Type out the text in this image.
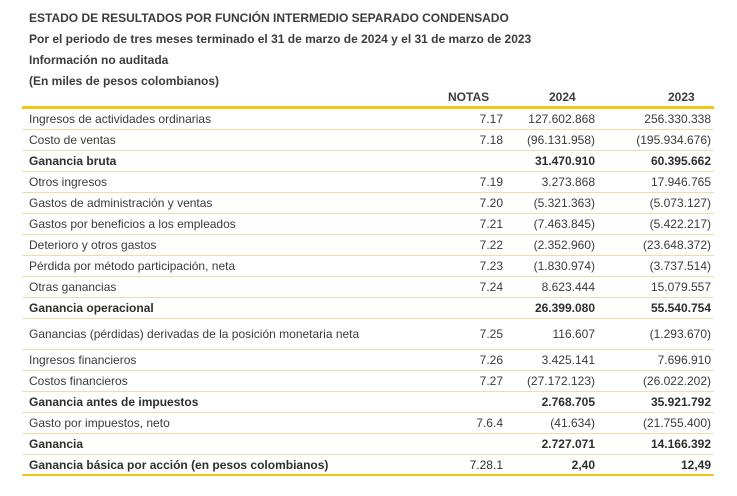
ESTADO DE RESULTADOS POR FUNCIÓN INTERMEDIO SEPARADO CONDENSADO
Por el periodo de tres meses terminado el 31 de marzo de 2024 y el 31 de marzo de 2023
Información no auditada
(En miles de pesos colombianos)
NOTAS	2024	2023
Ingresos de actividades ordinarias	7.17 127.602.868	256.330.338
Costo de ventas	7.18 (96.131.958)	(195.934.676)
Ganancia bruta	31.470.910	60.395.662
Otros ingresos	7.19	3.273.868	17.946.765
Gastos de administración y ventas	7.20	(5.321.363)	(5.073.127)
Gastos por beneficios a los empleados	7.21	(7.463.845)	(5.422.217)
Deterioro y otros gastos	7.22	(2.352.960)	(23.648.372)
Pérdida por método participación, neta	7.23	(1.830.974)	(3.737.514)
Otras ganancias	7.24	8.623.444	15.079.557
Ganancia operacional	26.399.080	55.540.754
Ganancias (pérdidas) derivadas de la posición monetaria neta	7.25	116.607	(1.293.670)
Ingresos financieros	7.26	3.425.141	7.696.910
Costos financieros	7.27 (27.172.123)	(26.022.202)
Ganancia antes de impuestos	2.768.705	35.921.792
Gasto por impuestos, neto	7.6.4	(41.634)	(21.755.400)
Ganancia	2.727.071	14.166.392
Ganancia básica por acción (en pesos colombianos)	7.28.1	2,40	12,49
